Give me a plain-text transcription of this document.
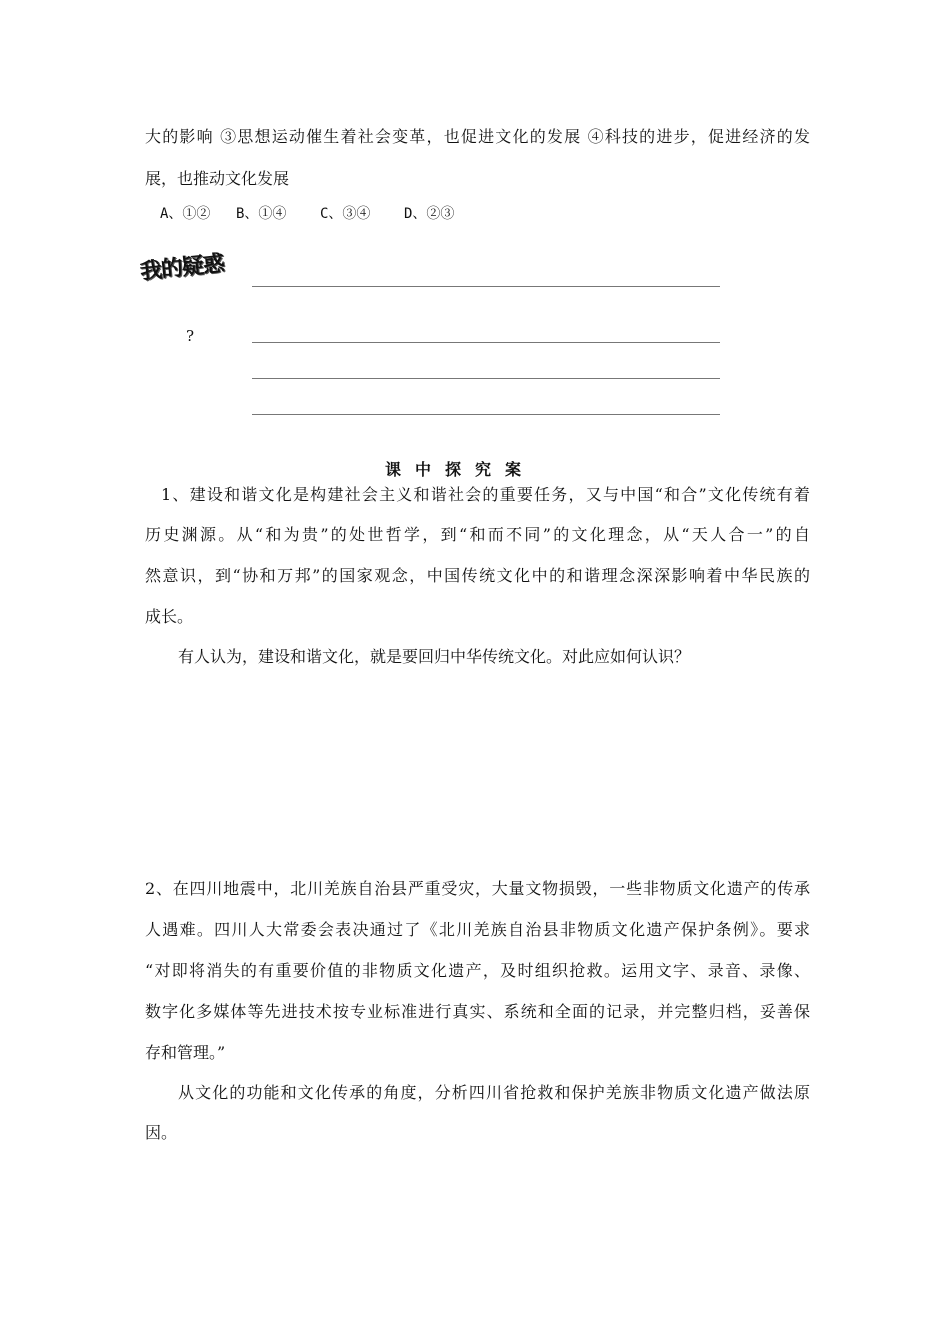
大的影响 ③思想运动催生着社会变革，也促进文化的发展 ④科技的进步，促进经济的发
展，也推动文化发展
A、①② B、①④ C、③④ D、②③
我的疑惑
?
课中探究案
1、建设和谐文化是构建社会主义和谐社会的重要任务，又与中国“和合”文化传统有着
历史渊源。从“和为贵”的处世哲学，到“和而不同”的文化理念，从“天人合一”的自
然意识，到“协和万邦”的国家观念，中国传统文化中的和谐理念深深影响着中华民族的
成长。
有人认为，建设和谐文化，就是要回归中华传统文化。对此应如何认识？
2、在四川地震中，北川羌族自治县严重受灾，大量文物损毁，一些非物质文化遗产的传承
人遇难。四川人大常委会表决通过了《北川羌族自治县非物质文化遗产保护条例》。要求
“对即将消失的有重要价值的非物质文化遗产，及时组织抢救。运用文字、录音、录像、
数字化多媒体等先进技术按专业标准进行真实、系统和全面的记录，并完整归档，妥善保
存和管理。”
从文化的功能和文化传承的角度，分析四川省抢救和保护羌族非物质文化遗产做法原
因。
